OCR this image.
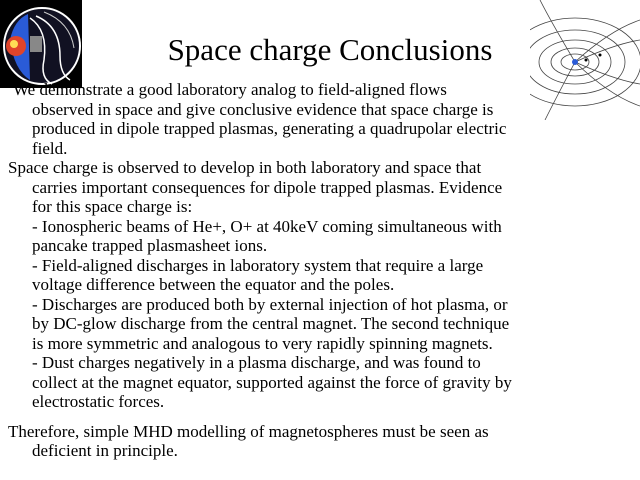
Space charge Conclusions
We demonstrate a good laboratory analog to field-aligned flows
observed in space and give conclusive evidence that space charge is
produced in dipole trapped plasmas, generating a quadrupolar electric
field.
Space charge is observed to develop in both laboratory and space that
carries important consequences for dipole trapped plasmas. Evidence
for this space charge is:
- Ionospheric beams of He+, O+ at 40keV coming simultaneous with
pancake trapped plasmasheet ions.
- Field-aligned discharges in laboratory system that require a large
voltage difference between the equator and the poles.
- Discharges are produced both by external injection of hot plasma, or
by DC-glow discharge from the central magnet. The second technique
is more symmetric and analogous to very rapidly spinning magnets.
- Dust charges negatively in a plasma discharge, and was found to
collect at the magnet equator, supported against the force of gravity by
electrostatic forces.
Therefore, simple MHD modelling of magnetospheres must be seen as
deficient in principle.
